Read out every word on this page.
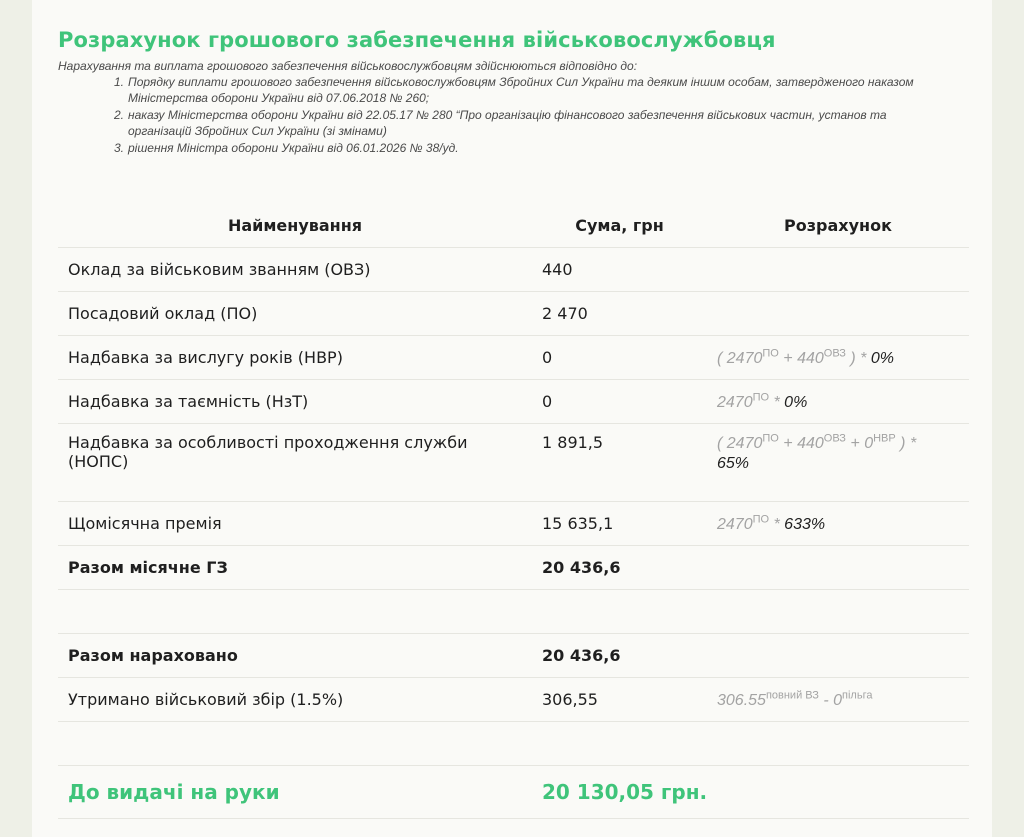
Розрахунок грошового забезпечення військовослужбовця

Нарахування та виплата грошового забезпечення військовослужбовцям здійснюються відповідно до:

1. Порядку виплати грошового забезпечення військовослужбовцям Збройних Сил України та деяким іншим особам, затвердженого наказом Міністерства оборони України від 07.06.2018 № 260;
2. наказу Міністерства оборони України від 22.05.17 № 280 “Про організацію фінансового забезпечення військових частин, установ та організацій Збройних Сил України (зі змінами)
3. рішення Міністра оборони України від 06.01.2026 № 38/уд.
Найменування	Сума, грн	Розрахунок
Оклад за військовим званням (ОВЗ)	440	
Посадовий оклад (ПО)	2 470	
Надбавка за вислугу років (НВР)	0	( $2470^{ПО} + 440^{ОВЗ}$ ) * 0%
Надбавка за таємність (НзТ)	0	$2470^{ПО} * 0\%$
Надбавка за особливості проходження служби (НОПС)	1 891,5	( $2470^{ПО} + 440^{ОВЗ} + 0^{НВР}$ ) *
65%
Щомісячна премія	15 635,1	$2470^{ПО} * 633\%$
Разом місячне ГЗ	20 436,6	

Разом нараховано	20 436,6	
Утримано військовий збір (1.5%)	306,55	$306.55^{повний ВЗ} - 0^{пільга}$

До видачі на руки	20 130,05 грн.	
